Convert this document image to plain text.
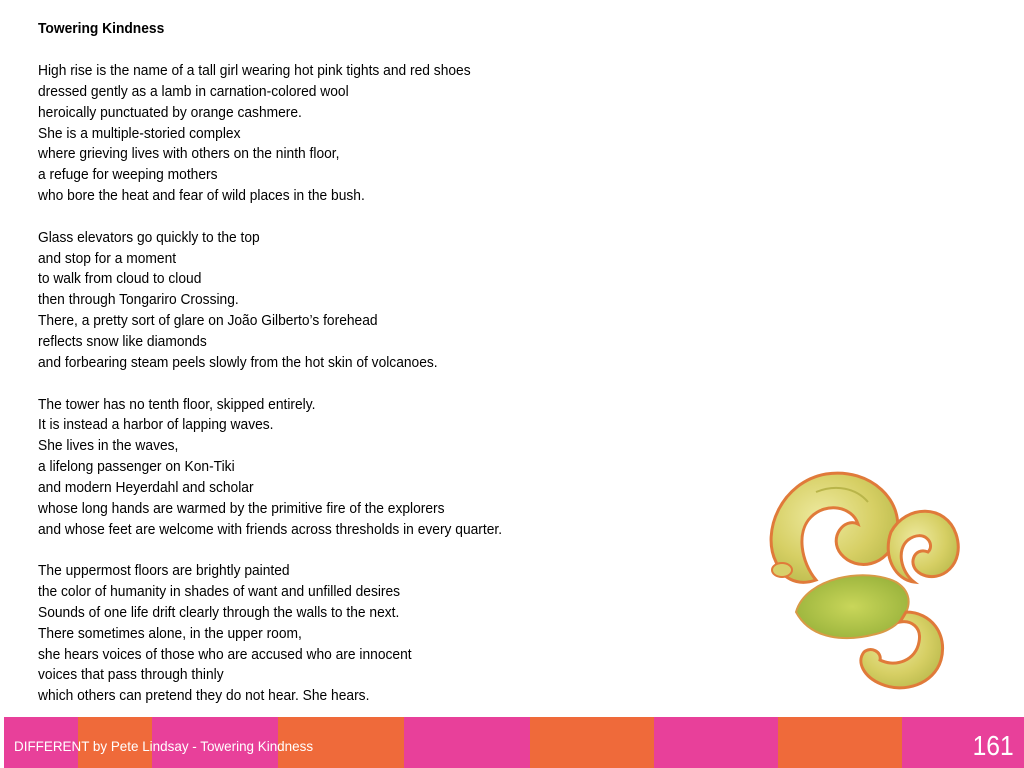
Towering Kindness
High rise is the name of a tall girl wearing hot pink tights and red shoes
dressed gently as a lamb in carnation-colored wool
heroically punctuated by orange cashmere.
She is a multiple-storied complex
where grieving lives with others on the ninth floor,
a refuge for weeping mothers
who bore the heat and fear of wild places in the bush.
Glass elevators go quickly to the top
and stop for a moment
to walk from cloud to cloud
then through Tongariro Crossing.
There, a pretty sort of glare on João Gilberto’s forehead
reflects snow like diamonds
and forbearing steam peels slowly from the hot skin of volcanoes.
The tower has no tenth floor, skipped entirely.
It is instead a harbor of lapping waves.
She lives in the waves,
a lifelong passenger on Kon-Tiki
and modern Heyerdahl and scholar
whose long hands are warmed by the primitive fire of the explorers
and whose feet are welcome with friends across thresholds in every quarter.
The uppermost floors are brightly painted
the color of humanity in shades of want and unfilled desires
Sounds of one life drift clearly through the walls to the next.
There sometimes alone, in the upper room,
she hears voices of those who are accused who are innocent
voices that pass through thinly
which others can pretend they do not hear. She hears.
DIFFERENT by Pete Lindsay - Towering Kindness	161
